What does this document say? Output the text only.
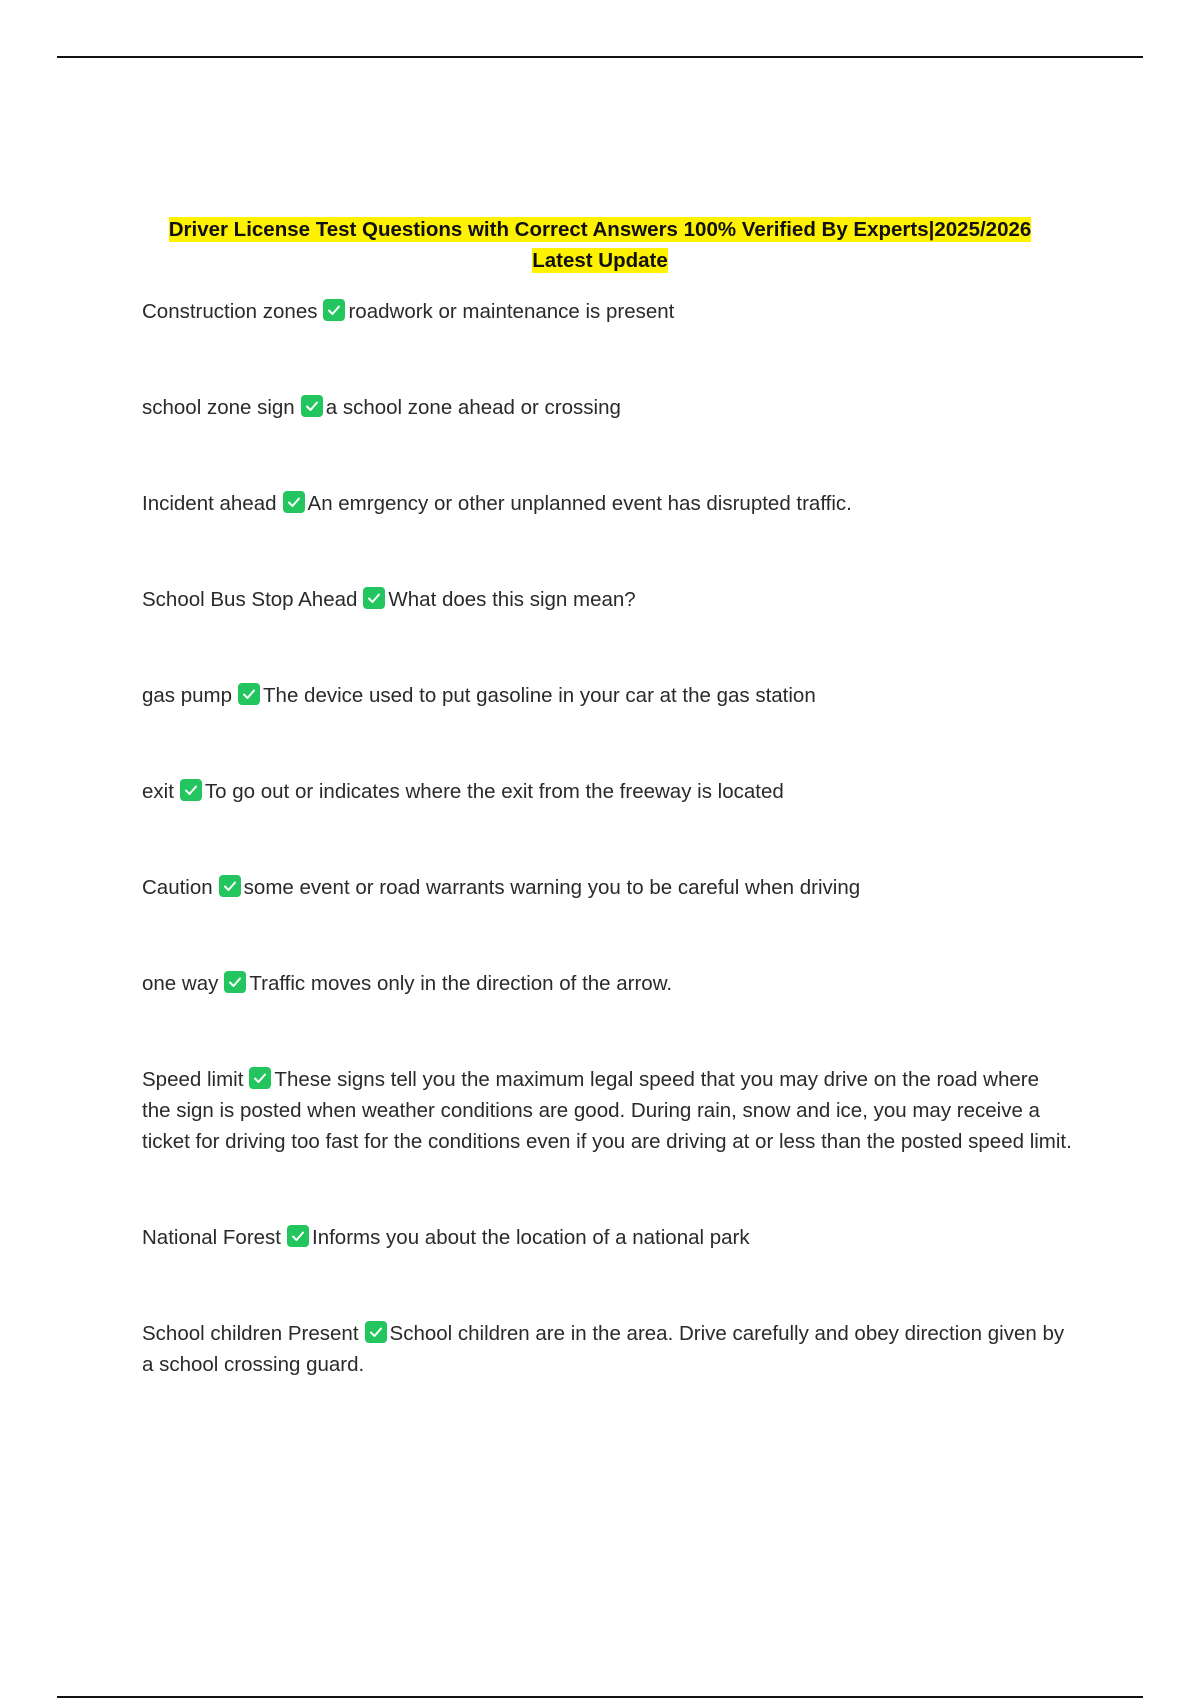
Driver License Test Questions with Correct Answers 100% Verified By Experts|2025/2026
Latest Update
Construction zones roadwork or maintenance is present
school zone sign a school zone ahead or crossing
Incident ahead An emrgency or other unplanned event has disrupted traffic.
School Bus Stop Ahead What does this sign mean?
gas pump The device used to put gasoline in your car at the gas station
exit To go out or indicates where the exit from the freeway is located
Caution some event or road warrants warning you to be careful when driving
one way Traffic moves only in the direction of the arrow.
Speed limit These signs tell you the maximum legal speed that you may drive on the road where the sign is posted when weather conditions are good. During rain, snow and ice, you may receive a ticket for driving too fast for the conditions even if you are driving at or less than the posted speed limit.
National Forest Informs you about the location of a national park
School children Present School children are in the area. Drive carefully and obey direction given by a school crossing guard.
